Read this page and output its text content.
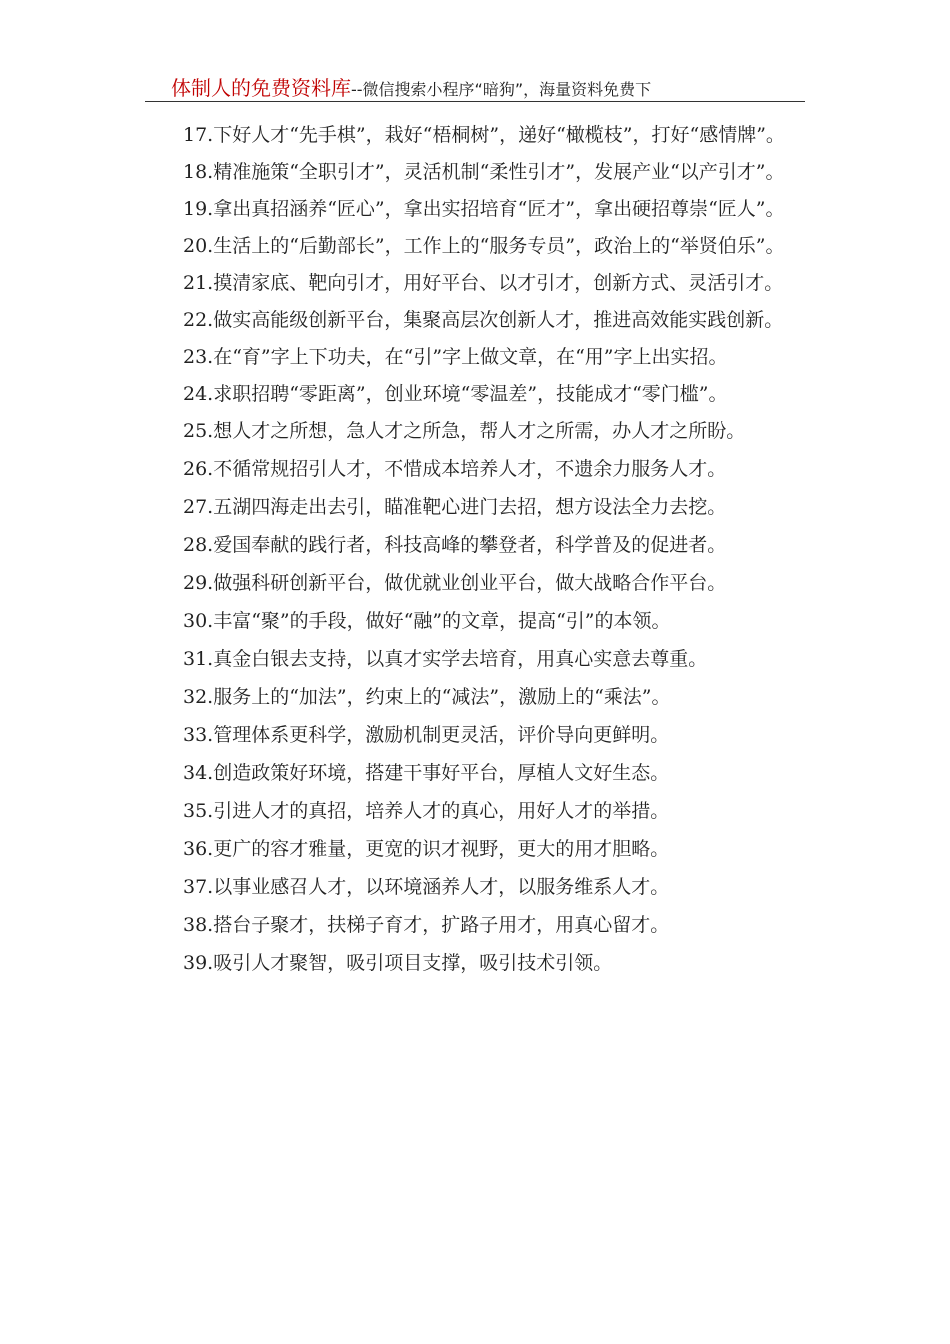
体制人的免费资料库--微信搜索小程序“暗狗”，海量资料免费下

17.下好人才“先手棋”，栽好“梧桐树”，递好“橄榄枝”，打好“感情牌”。

18.精准施策“全职引才”，灵活机制“柔性引才”，发展产业“以产引才”。

19.拿出真招涵养“匠心”，拿出实招培育“匠才”，拿出硬招尊崇“匠人”。

20.生活上的“后勤部长”，工作上的“服务专员”，政治上的“举贤伯乐”。

21.摸清家底、靶向引才，用好平台、以才引才，创新方式、灵活引才。

22.做实高能级创新平台，集聚高层次创新人才，推进高效能实践创新。

23.在“育”字上下功夫，在“引”字上做文章，在“用”字上出实招。

24.求职招聘“零距离”，创业环境“零温差”，技能成才“零门槛”。

25.想人才之所想，急人才之所急，帮人才之所需，办人才之所盼。

26.不循常规招引人才，不惜成本培养人才，不遗余力服务人才。

27.五湖四海走出去引，瞄准靶心进门去招，想方设法全力去挖。

28.爱国奉献的践行者，科技高峰的攀登者，科学普及的促进者。

29.做强科研创新平台，做优就业创业平台，做大战略合作平台。

30.丰富“聚”的手段，做好“融”的文章，提高“引”的本领。

31.真金白银去支持，以真才实学去培育，用真心实意去尊重。

32.服务上的“加法”，约束上的“减法”，激励上的“乘法”。

33.管理体系更科学，激励机制更灵活，评价导向更鲜明。

34.创造政策好环境，搭建干事好平台，厚植人文好生态。

35.引进人才的真招，培养人才的真心，用好人才的举措。

36.更广的容才雅量，更宽的识才视野，更大的用才胆略。

37.以事业感召人才，以环境涵养人才，以服务维系人才。

38.搭台子聚才，扶梯子育才，扩路子用才，用真心留才。

39.吸引人才聚智，吸引项目支撑，吸引技术引领。
